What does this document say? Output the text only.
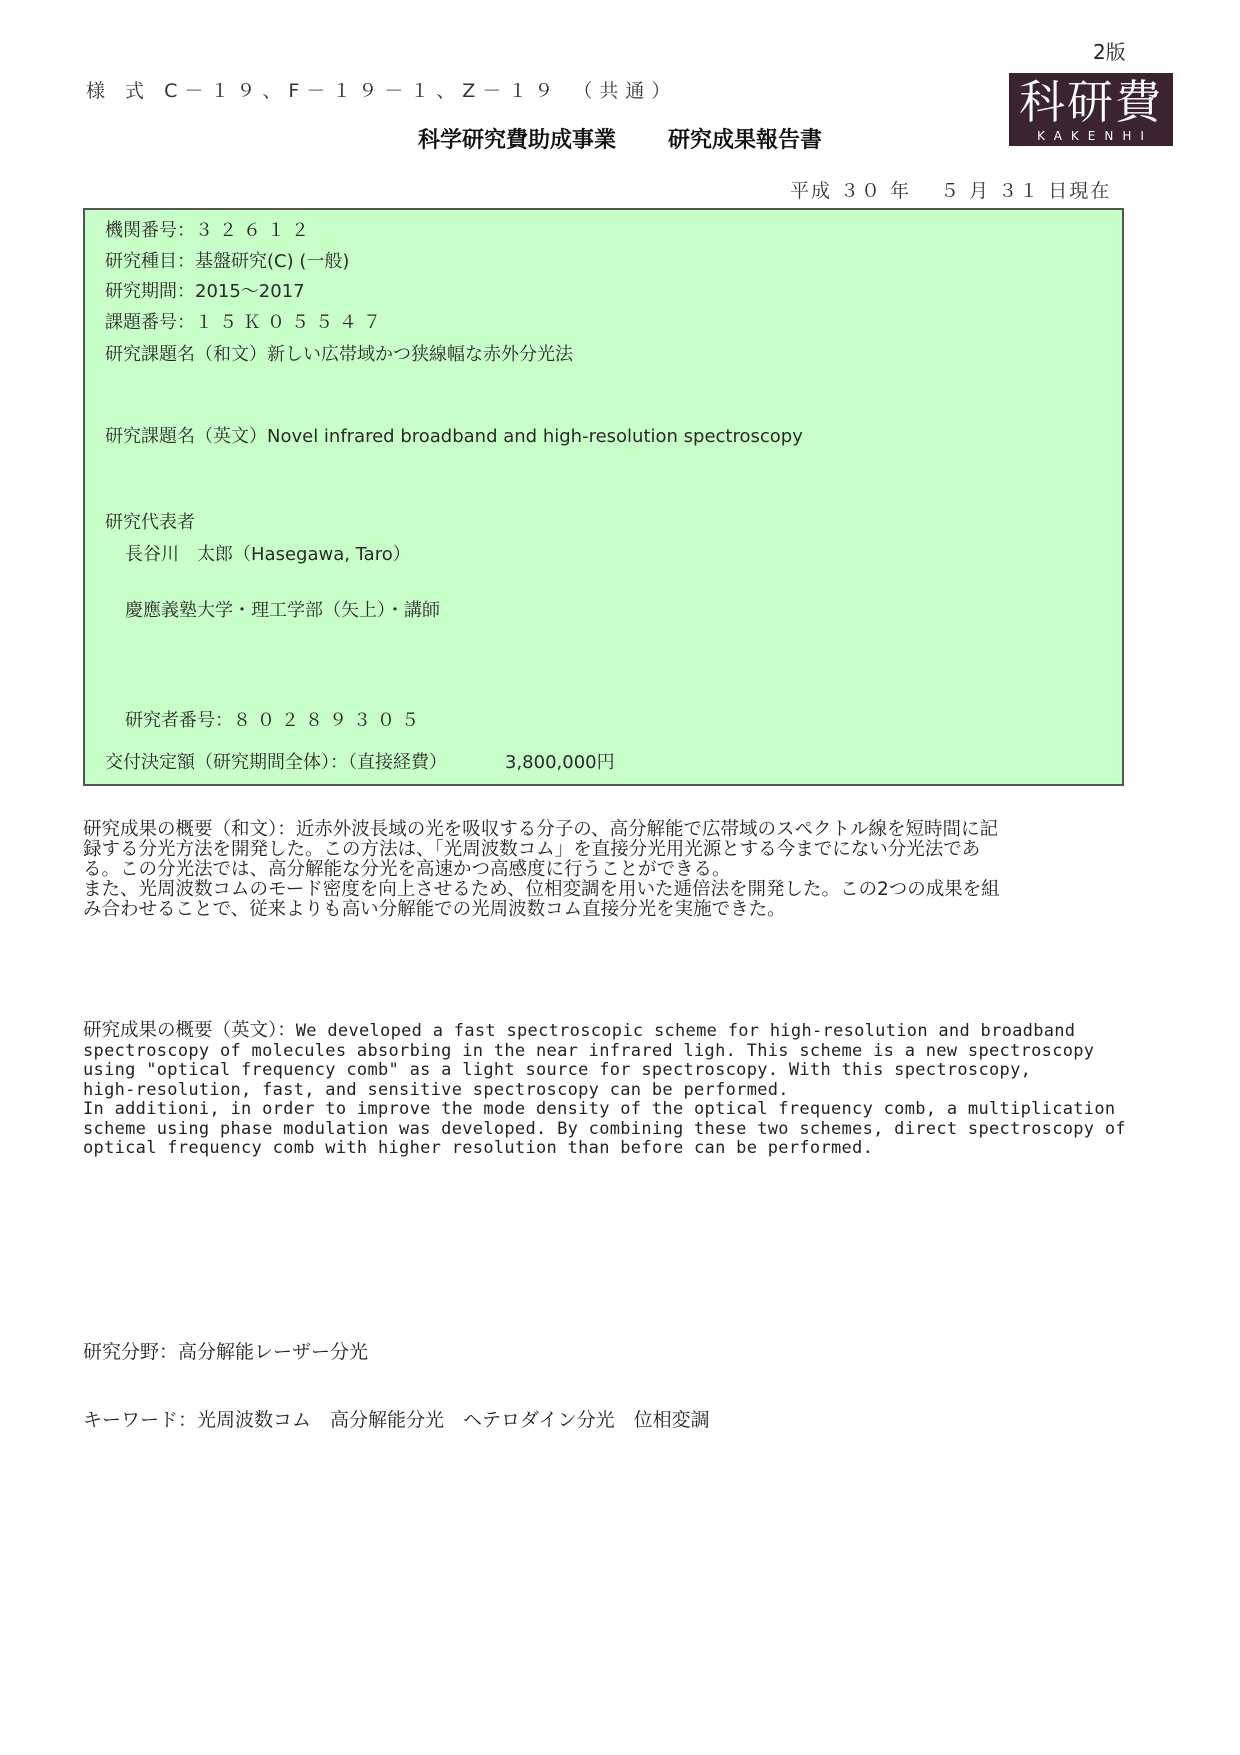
2版
様 式 C－１９、F－１９－１、Z－１９ （共通）	科研費
KAKENHI
科学研究費助成事業 研究成果報告書
平成 ３０ 年　 ５ 月 ３１ 日現在
機関番号：３２６１２
研究種目：基盤研究(C) (一般)
研究期間：2015～2017
課題番号：１５Ｋ０５５４７
研究課題名（和文）新しい広帯域かつ狭線幅な赤外分光法
研究課題名（英文）Novel infrared broadband and high-resolution spectroscopy
研究代表者
長谷川　太郎（Hasegawa, Taro）
慶應義塾大学・理工学部（矢上）・講師
研究者番号：８０２８９３０５
交付決定額（研究期間全体）：（直接経費）	3,800,000円

研究成果の概要（和文）：近赤外波長域の光を吸収する分子の、高分解能で広帯域のスペクトル線を短時間に記

録する分光方法を開発した。この方法は、「光周波数コム」を直接分光用光源とする今までにない分光法であ

る。この分光法では、高分解能な分光を高速かつ高感度に行うことができる。

また、光周波数コムのモード密度を向上させるため、位相変調を用いた逓倍法を開発した。この2つの成果を組

み合わせることで、従来よりも高い分解能での光周波数コム直接分光を実施できた。

研究成果の概要（英文）：We developed a fast spectroscopic scheme for high-resolution and broadband

spectroscopy of molecules absorbing in the near infrared ligh. This scheme is a new spectroscopy

using "optical frequency comb" as a light source for spectroscopy. With this spectroscopy,

high-resolution, fast, and sensitive spectroscopy can be performed.

In additioni, in order to improve the mode density of the optical frequency comb, a multiplication

scheme using phase modulation was developed. By combining these two schemes, direct spectroscopy of

optical frequency comb with higher resolution than before can be performed.

研究分野：高分解能レーザー分光
キーワード：光周波数コム　高分解能分光　ヘテロダイン分光　位相変調
